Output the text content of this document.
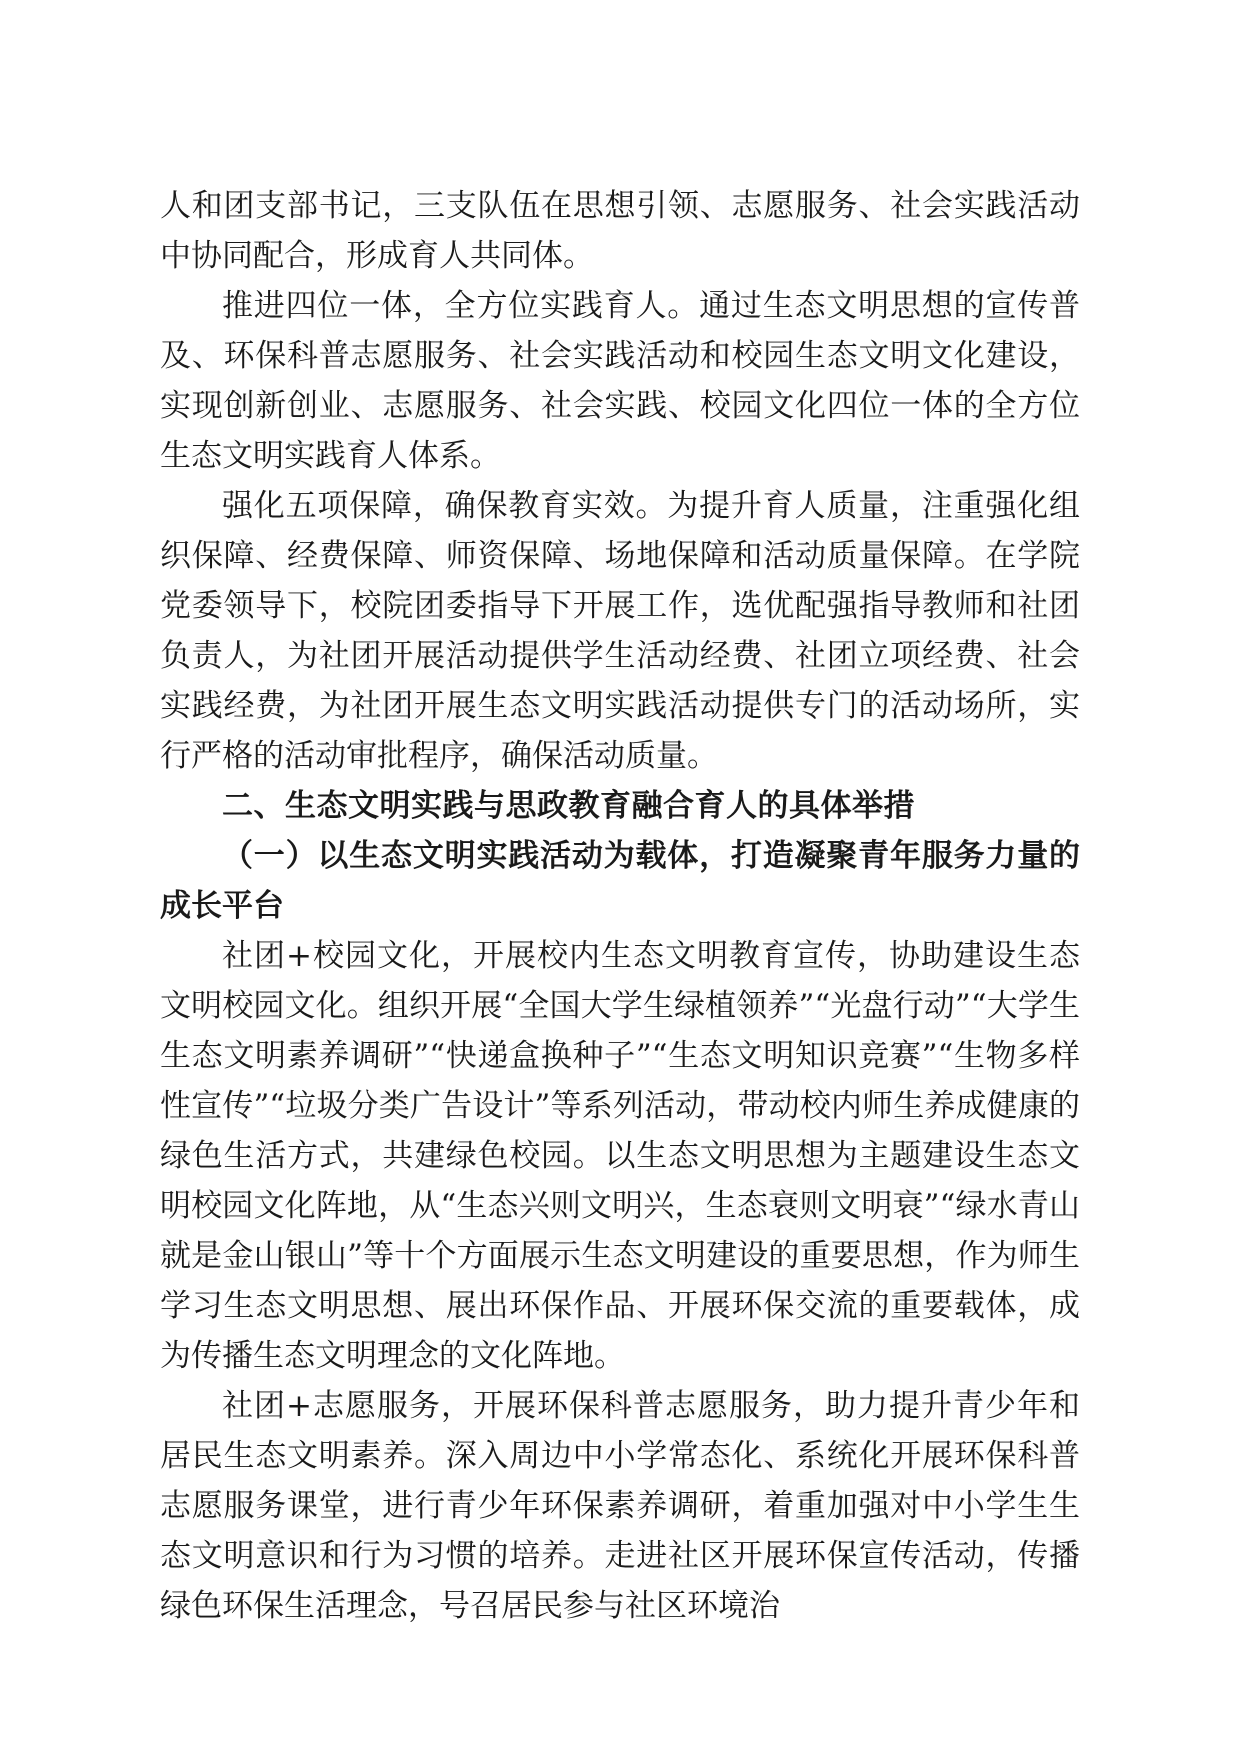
人和团支部书记，三支队伍在思想引领、志愿服务、社会实践活动中协同配合，形成育人共同体。

推进四位一体，全方位实践育人。通过生态文明思想的宣传普及、环保科普志愿服务、社会实践活动和校园生态文明文化建设，实现创新创业、志愿服务、社会实践、校园文化四位一体的全方位生态文明实践育人体系。

强化五项保障，确保教育实效。为提升育人质量，注重强化组织保障、经费保障、师资保障、场地保障和活动质量保障。在学院党委领导下，校院团委指导下开展工作，选优配强指导教师和社团负责人，为社团开展活动提供学生活动经费、社团立项经费、社会实践经费，为社团开展生态文明实践活动提供专门的活动场所，实行严格的活动审批程序，确保活动质量。

二、生态文明实践与思政教育融合育人的具体举措

（一）以生态文明实践活动为载体，打造凝聚青年服务力量的成长平台

社团+校园文化，开展校内生态文明教育宣传，协助建设生态文明校园文化。组织开展“全国大学生绿植领养”“光盘行动”“大学生生态文明素养调研”“快递盒换种子”“生态文明知识竞赛”“生物多样性宣传”“垃圾分类广告设计”等系列活动，带动校内师生养成健康的绿色生活方式，共建绿色校园。以生态文明思想为主题建设生态文明校园文化阵地，从“生态兴则文明兴，生态衰则文明衰”“绿水青山就是金山银山”等十个方面展示生态文明建设的重要思想，作为师生学习生态文明思想、展出环保作品、开展环保交流的重要载体，成为传播生态文明理念的文化阵地。

社团+志愿服务，开展环保科普志愿服务，助力提升青少年和居民生态文明素养。深入周边中小学常态化、系统化开展环保科普志愿服务课堂，进行青少年环保素养调研，着重加强对中小学生生态文明意识和行为习惯的培养。走进社区开展环保宣传活动，传播绿色环保生活理念，号召居民参与社区环境治
